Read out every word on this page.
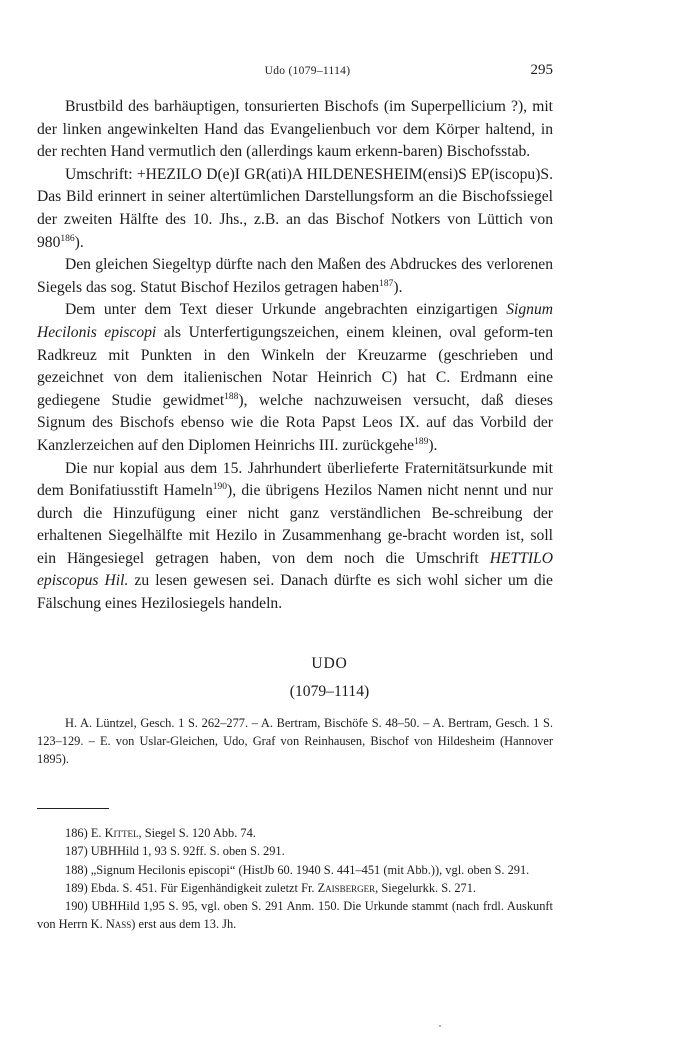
Udo (1079–1114)	295

Brustbild des barhäuptigen, tonsurierten Bischofs (im Superpellicium ?), mit der linken angewinkelten Hand das Evangelienbuch vor dem Körper haltend, in der rechten Hand vermutlich den (allerdings kaum erkenn-baren) Bischofsstab.

Umschrift: +HEZILO D(e)I GR(ati)A HILDENESHEIM(ensi)S EP(iscopu)S. Das Bild erinnert in seiner altertümlichen Darstellungsform an die Bischofssiegel der zweiten Hälfte des 10. Jhs., z.B. an das Bischof Notkers von Lüttich von $980^{186}$).

Den gleichen Siegeltyp dürfte nach den Maßen des Abdruckes des verlorenen Siegels das sog. Statut Bischof Hezilos getragen haben$^{187}$).

Dem unter dem Text dieser Urkunde angebrachten einzigartigen Signum Hecilonis episcopi als Unterfertigungszeichen, einem kleinen, oval geform-ten Radkreuz mit Punkten in den Winkeln der Kreuzarme (geschrieben und gezeichnet von dem italienischen Notar Heinrich C) hat C. Erdmann eine gediegene Studie gewidmet$^{188}$), welche nachzuweisen versucht, daß dieses Signum des Bischofs ebenso wie die Rota Papst Leos IX. auf das Vorbild der Kanzlerzeichen auf den Diplomen Heinrichs III. zurückgehe$^{189}$).

Die nur kopial aus dem 15. Jahrhundert überlieferte Fraternitätsurkunde mit dem Bonifatiusstift Hameln$^{190}$), die übrigens Hezilos Namen nicht nennt und nur durch die Hinzufügung einer nicht ganz verständlichen Be-schreibung der erhaltenen Siegelhälfte mit Hezilo in Zusammenhang ge-bracht worden ist, soll ein Hängesiegel getragen haben, von dem noch die Umschrift HETTILO episcopus Hil. zu lesen gewesen sei. Danach dürfte es sich wohl sicher um die Fälschung eines Hezilosiegels handeln.

UDO
(1079–1114)

H. A. Lüntzel, Gesch. 1 S. 262–277. – A. Bertram, Bischöfe S. 48–50. – A. Bertram, Gesch. 1 S. 123–129. – E. von Uslar-Gleichen, Udo, Graf von Reinhausen, Bischof von Hildesheim (Hannover 1895).

186) E. Kittel, Siegel S. 120 Abb. 74.

187) UBHHild 1, 93 S. 92ff. S. oben S. 291.

188) „Signum Hecilonis episcopi“ (HistJb 60. 1940 S. 441–451 (mit Abb.)), vgl. oben S. 291.

189) Ebda. S. 451. Für Eigenhändigkeit zuletzt Fr. Zaisberger, Siegelurkk. S. 271.

190) UBHHild 1,95 S. 95, vgl. oben S. 291 Anm. 150. Die Urkunde stammt (nach frdl. Auskunft von Herrn K. Nass) erst aus dem 13. Jh.
